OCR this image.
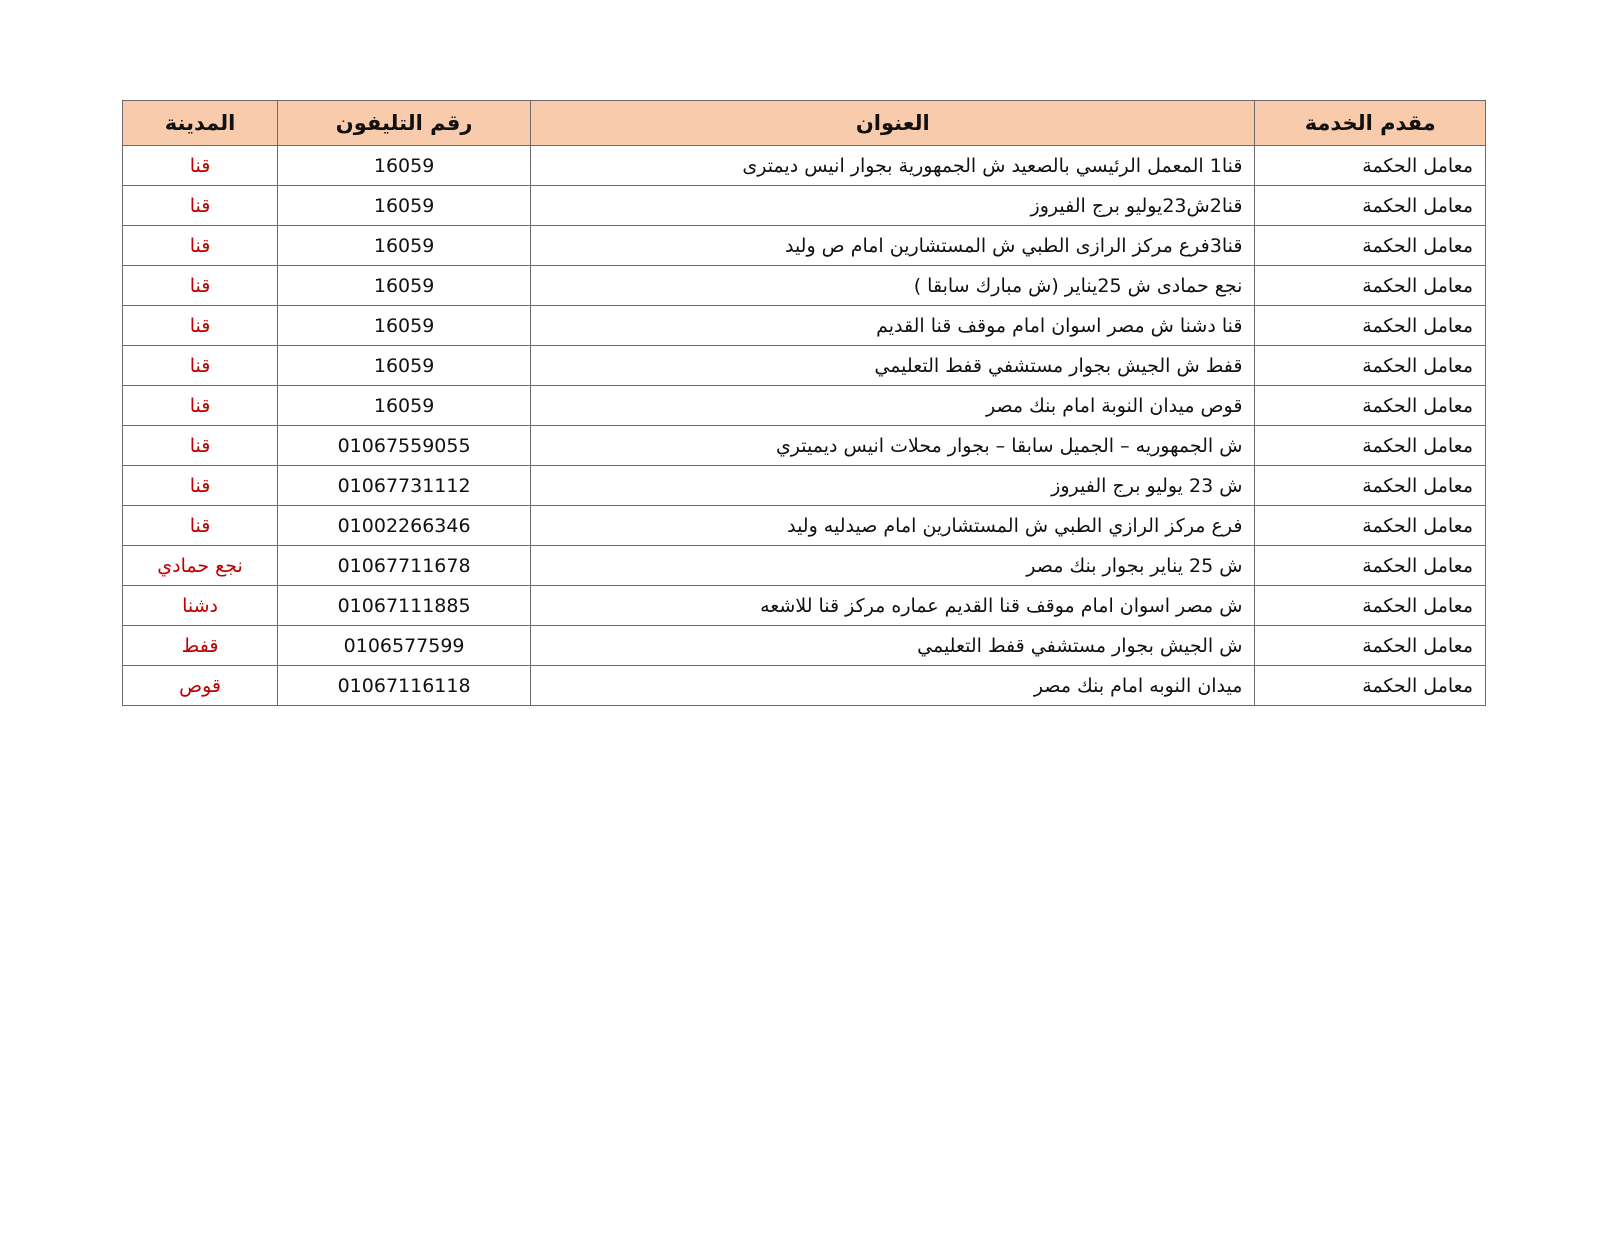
مقدم الخدمة	العنوان	رقم التليفون	المدينة
معامل الحكمة	قنا1 المعمل الرئيسي بالصعيد ش الجمهورية بجوار انيس ديمترى	16059	قنا
معامل الحكمة	قنا2ش23يوليو برج الفيروز	16059	قنا
معامل الحكمة	قنا3فرع مركز الرازى الطبي ش المستشارين امام ص وليد	16059	قنا
معامل الحكمة	نجع حمادى ش 25يناير (ش مبارك سابقا )	16059	قنا
معامل الحكمة	قنا دشنا ش مصر اسوان امام موقف قنا القديم	16059	قنا
معامل الحكمة	قفط ش الجيش بجوار مستشفي قفط التعليمي	16059	قنا
معامل الحكمة	قوص ميدان النوبة امام بنك مصر	16059	قنا
معامل الحكمة	ش الجمهوريه – الجميل سابقا – بجوار محلات انيس ديميتري	01067559055	قنا
معامل الحكمة	ش 23 يوليو برج الفيروز	01067731112	قنا
معامل الحكمة	فرع مركز الرازي الطبي ش المستشارين امام صيدليه وليد	01002266346	قنا
معامل الحكمة	ش 25 يناير بجوار بنك مصر	01067711678	نجع حمادي
معامل الحكمة	ش مصر اسوان امام موقف قنا القديم عماره مركز قنا للاشعه	01067111885	دشنا
معامل الحكمة	ش الجيش بجوار مستشفي قفط التعليمي	0106577599	قفط
معامل الحكمة	ميدان النوبه امام بنك مصر	01067116118	قوص
